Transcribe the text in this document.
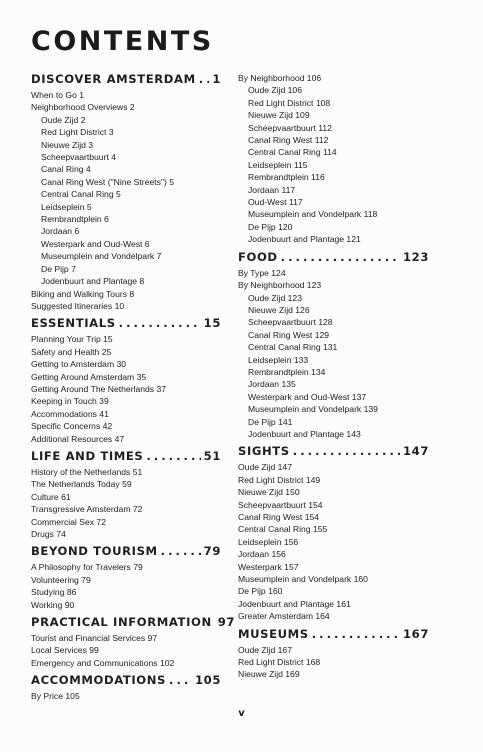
CONTENTS
DISCOVER AMSTERDAM . . . 1
When to Go 1
Neighborhood Overviews 2
Oude Zijd 2
Red Light District 3
Nieuwe Zijd 3
Scheepvaartbuurt 4
Canal Ring 4
Canal Ring West ("Nine Streets") 5
Central Canal Ring 5
Leidseplein 5
Rembrandtplein 6
Jordaan 6
Westerpark and Oud-West 6
Museumplein and Vondelpark 7
De Pijp 7
Jodenbuurt and Plantage 8
Biking and Walking Tours 8
Suggested Itineraries 10
ESSENTIALS . . .	15
Planning Your Trip 15
Safety and Health 25
Getting to Amsterdam 30
Getting Around Amsterdam 35
Getting Around The Netherlands 37
Keeping in Touch 39
Accommodations 41
Specific Concerns 42
Additional Resources 47
LIFE AND TIMES . . .	51
History of the Netherlands 51
The Netherlands Today 59
Culture 61
Transgressive Amsterdam 72
Commercial Sex 72
Drugs 74
BEYOND TOURISM . . .	79
A Philosophy for Travelers 79
Volunteering 79
Studying 86
Working 90
PRACTICAL INFORMATION 97
Tourist and Financial Services 97
Local Services 99
Emergency and Communications 102
ACCOMMODATIONS . . . 105
By Price 105
By Neighborhood 106
Oude Zijd 106
Red Light District 108
Nieuwe Zijd 109
Scheepvaartbuurt 112
Canal Ring West 112
Central Canal Ring 114
Leidseplein 115
Rembrandtplein 116
Jordaan 117
Oud-West 117
Museumplein and Vondelpark 118
De Pijp 120
Jodenbuurt and Plantage 121
FOOD . . .	123
By Type 124
By Neighborhood 123
Oude Zijd 123
Nieuwe Zijd 126
Scheepvaartbuurt 128
Canal Ring West 129
Central Canal Ring 131
Leidseplein 133
Rembrandtplein 134
Jordaan 135
Westerpark and Oud-West 137
Museumplein and Vondelpark 139
De Pijp 141
Jodenbuurt and Plantage 143
SIGHTS . . .	147
Oude Zijd 147
Red Light District 149
Nieuwe Zijd 150
Scheepvaartbuurt 154
Canal Ring West 154
Central Canal Ring 155
Leidseplein 156
Jordaan 156
Westerpark 157
Museumplein and Vondelpark 160
De Pijp 160
Jodenbuurt and Plantage 161
Greater Amsterdam 164
MUSEUMS . . .	167
Oude Zijd 167
Red Light District 168
Nieuwe Zijd 169
v
